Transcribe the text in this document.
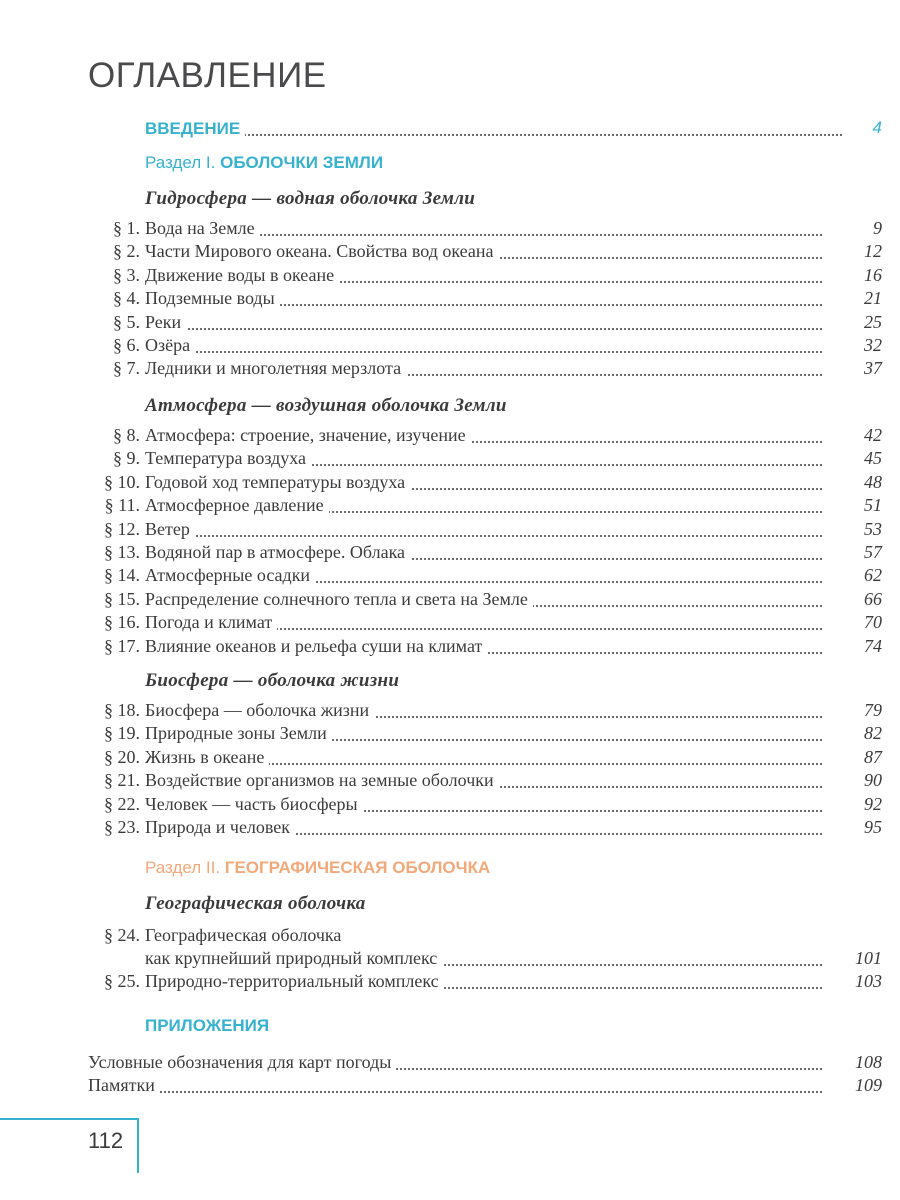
ОГЛАВЛЕНИЕ
ВВЕДЕНИЕ	4
Раздел I. ОБОЛОЧКИ ЗЕМЛИ
Гидросфера — водная оболочка Земли
§ 1. Вода на Земле	9
§ 2. Части Мирового океана. Свойства вод океана	12
§ 3. Движение воды в океане	16
§ 4. Подземные воды	21
§ 5. Реки	25
§ 6. Озёра	32
§ 7. Ледники и многолетняя мерзлота	37
Атмосфера — воздушная оболочка Земли
§ 8. Атмосфера: строение, значение, изучение	42
§ 9. Температура воздуха	45
§ 10. Годовой ход температуры воздуха	48
§ 11. Атмосферное давление	51
§ 12. Ветер	53
§ 13. Водяной пар в атмосфере. Облака	57
§ 14. Атмосферные осадки	62
§ 15. Распределение солнечного тепла и света на Земле	66
§ 16. Погода и климат	70
§ 17. Влияние океанов и рельефа суши на климат	74
Биосфера — оболочка жизни
§ 18. Биосфера — оболочка жизни	79
§ 19. Природные зоны Земли	82
§ 20. Жизнь в океане	87
§ 21. Воздействие организмов на земные оболочки	90
§ 22. Человек — часть биосферы	92
§ 23. Природа и человек	95
Раздел II. ГЕОГРАФИЧЕСКАЯ ОБОЛОЧКА
Географическая оболочка
§ 24. Географическая оболочка
как крупнейший природный комплекс	101
§ 25. Природно-территориальный комплекс	103
ПРИЛОЖЕНИЯ
Условные обозначения для карт погоды	108
Памятки	109
112
